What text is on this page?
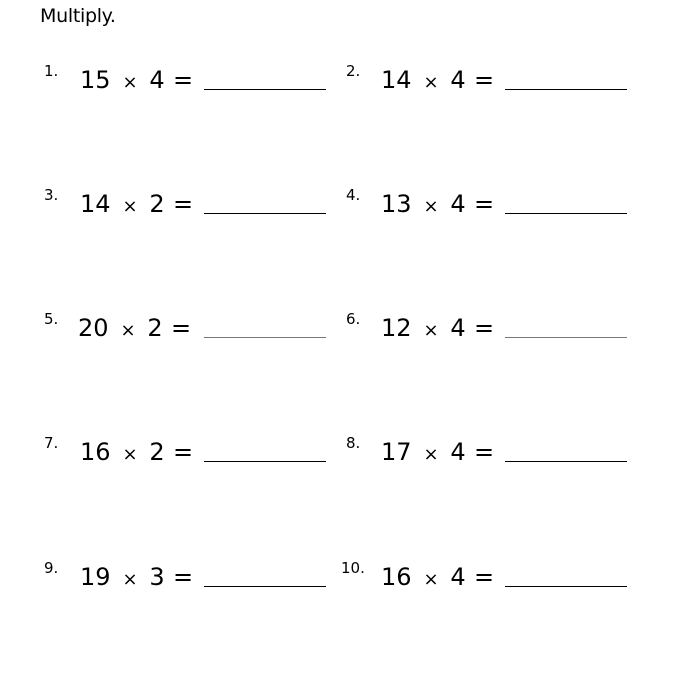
Multiply.
1. 15 × 4 =	2. 14 × 4 =
3. 14 × 2 =	4. 13 × 4 =
5. 20 × 2 =	6. 12 × 4 =
7. 16 × 2 =	8. 17 × 4 =
9. 19 × 3 =	10. 16 × 4 =
